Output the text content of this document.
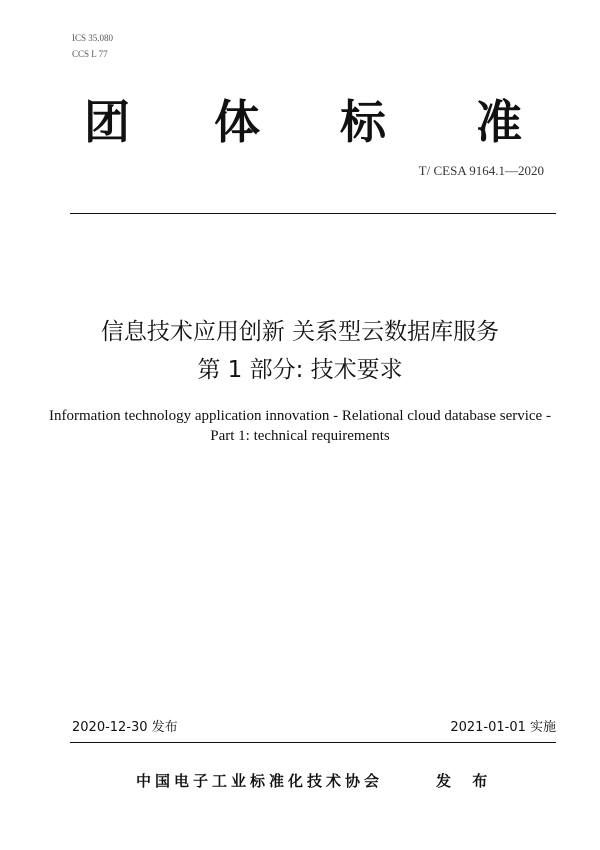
ICS 35.080
CCS L 77
团 体 标 准
T/ CESA 9164.1—2020
信息技术应用创新 关系型云数据库服务
第 1 部分: 技术要求
Information technology application innovation - Relational cloud database service -
Part 1: technical requirements
2020-12-30 发布	2021-01-01 实施
中国电子工业标准化技术协会	发 布
